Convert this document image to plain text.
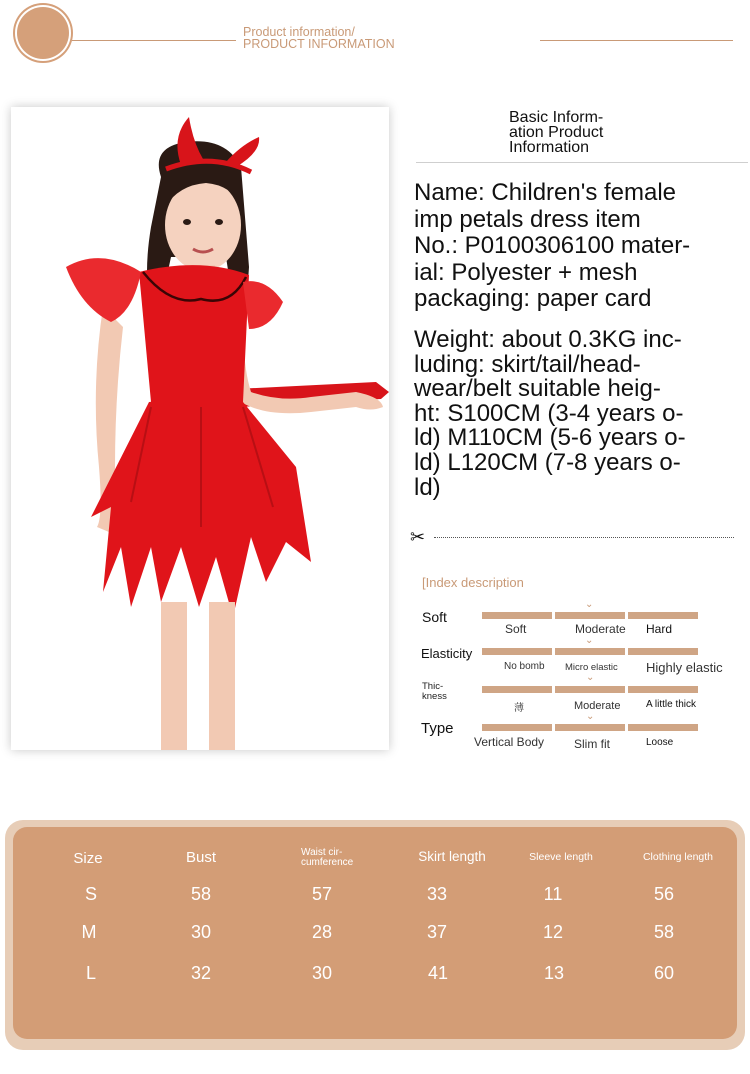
Product information/
PRODUCT INFORMATION
Basic Inform-
ation Product
Information
Name: Children's female
imp petals dress item
No.: P0100306100 mater-
ial: Polyester + mesh
packaging: paper card
Weight: about 0.3KG inc-
luding: skirt/tail/head-
wear/belt suitable heig-
ht: S100CM (3-4 years o-
ld) M110CM (5-6 years o-
ld) L120CM (7-8 years o-
ld)
✂
[Index description
Soft
⌄
Soft	Moderate Hard
Elasticity
⌄
No bomb Micro elastic Highly elastic
Thic-
kness
⌄
薄	Moderate	A little thick
Type
⌄
Vertical Body Slim fit	Loose
Size	Bust	Waist cir-
cumference	Skirt length	Sleeve length	Clothing length
S	58	57	33	11	56
M	30	28	37	12	58
L	32	30	41	13	60
